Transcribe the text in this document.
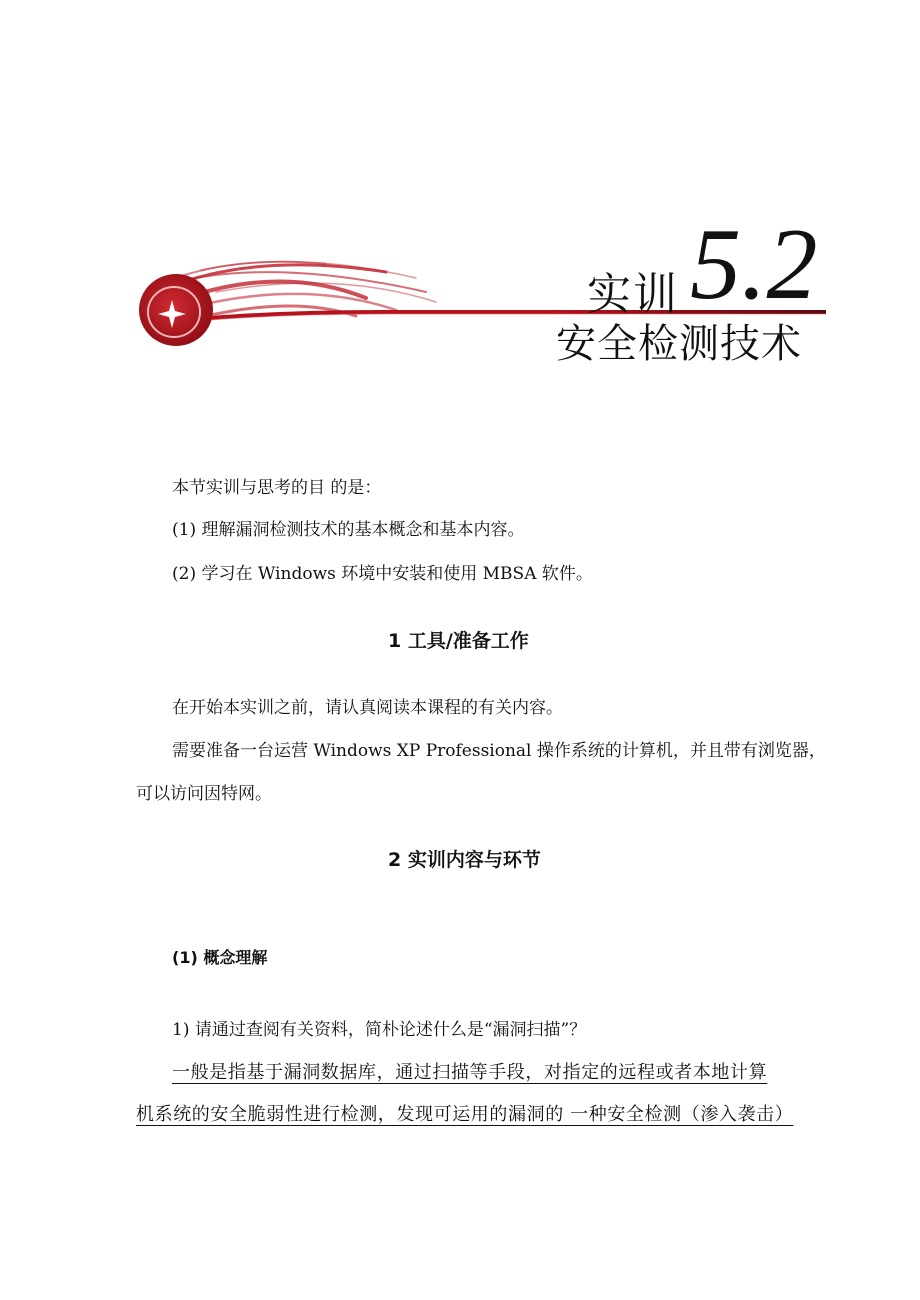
实训 5.2
安全检测技术
本节实训与思考的目 的是：
(1) 理解漏洞检测技术的基本概念和基本内容。
(2) 学习在 Windows 环境中安装和使用 MBSA 软件。
1 工具/准备工作
在开始本实训之前，请认真阅读本课程的有关内容。
需要准备一台运营 Windows XP Professional 操作系统的计算机，并且带有浏览器，
可以访问因特网。
2 实训内容与环节
(1) 概念理解
1) 请通过查阅有关资料，简朴论述什么是“漏洞扫描”？
一般是指基于漏洞数据库，通过扫描等手段，对指定的远程或者本地计算
机系统的安全脆弱性进行检测，发现可运用的漏洞的 一种安全检测（渗入袭击）
